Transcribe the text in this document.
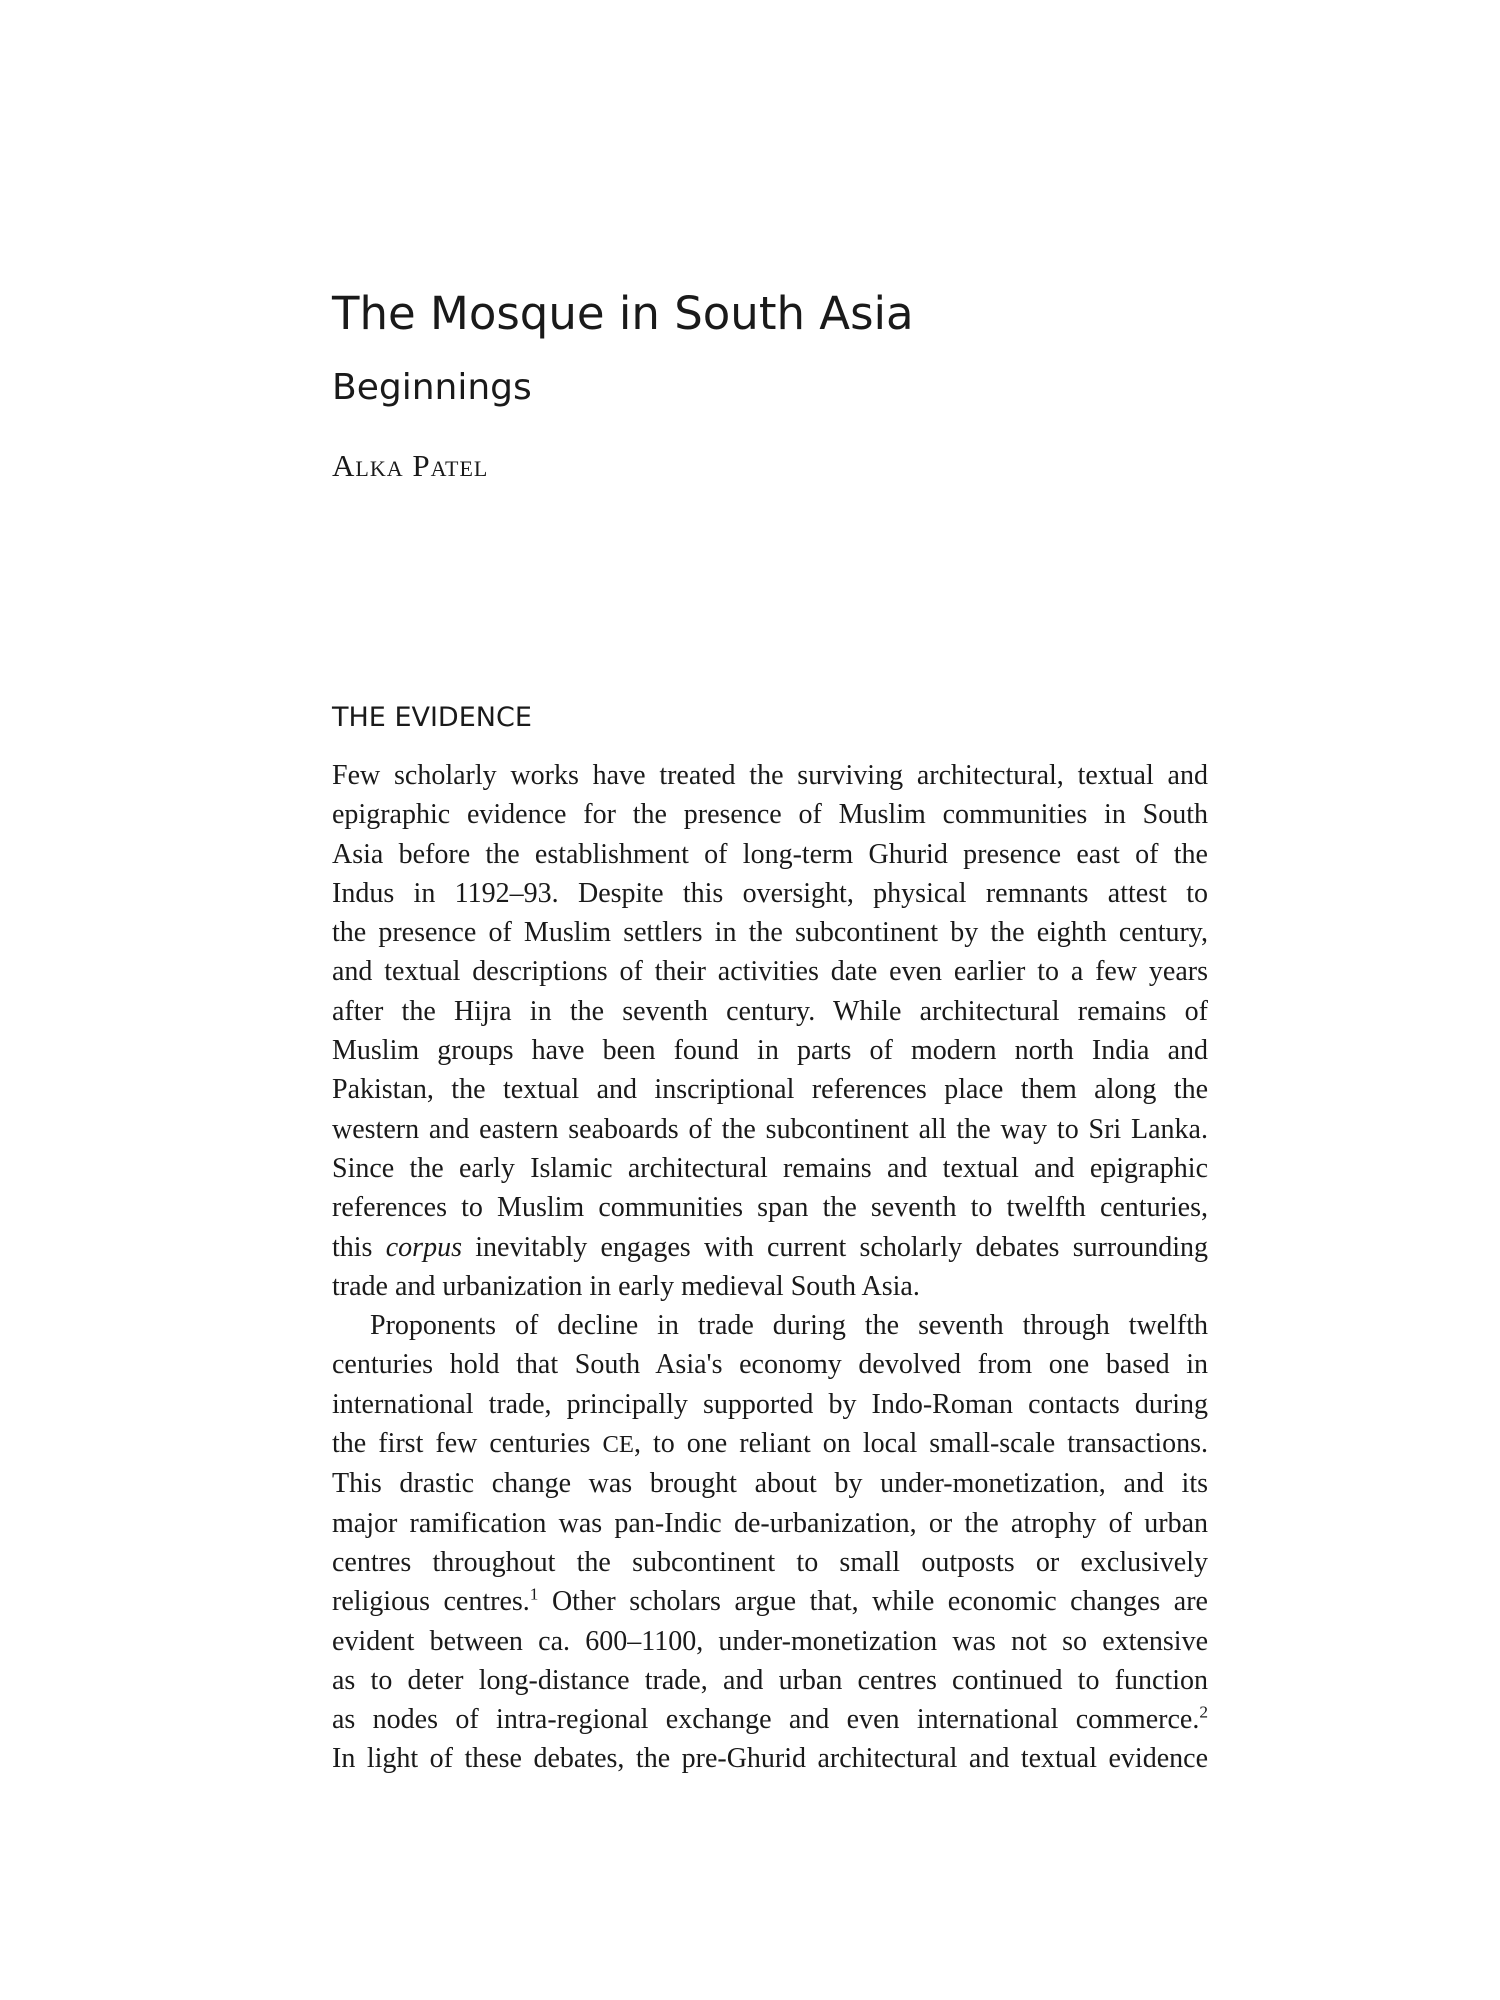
The Mosque in South Asia
Beginnings
Alka Patel
THE EVIDENCE
Few scholarly works have treated the surviving architectural, textual and
epigraphic evidence for the presence of Muslim communities in South
Asia before the establishment of long-term Ghurid presence east of the
Indus in 1192–93. Despite this oversight, physical remnants attest to
the presence of Muslim settlers in the subcontinent by the eighth century,
and textual descriptions of their activities date even earlier to a few years
after the Hijra in the seventh century. While architectural remains of
Muslim groups have been found in parts of modern north India and
Pakistan, the textual and inscriptional references place them along the
western and eastern seaboards of the subcontinent all the way to Sri Lanka.
Since the early Islamic architectural remains and textual and epigraphic
references to Muslim communities span the seventh to twelfth centuries,
this corpus inevitably engages with current scholarly debates surrounding
trade and urbanization in early medieval South Asia.
Proponents of decline in trade during the seventh through twelfth
centuries hold that South Asia's economy devolved from one based in
international trade, principally supported by Indo-Roman contacts during
the first few centuries CE, to one reliant on local small-scale transactions.
This drastic change was brought about by under-monetization, and its
major ramification was pan-Indic de-urbanization, or the atrophy of urban
centres throughout the subcontinent to small outposts or exclusively
religious centres.$^1$ Other scholars argue that, while economic changes are
evident between ca. 600–1100, under-monetization was not so extensive
as to deter long-distance trade, and urban centres continued to function
as nodes of intra-regional exchange and even international commerce.$^2$
In light of these debates, the pre-Ghurid architectural and textual evidence
